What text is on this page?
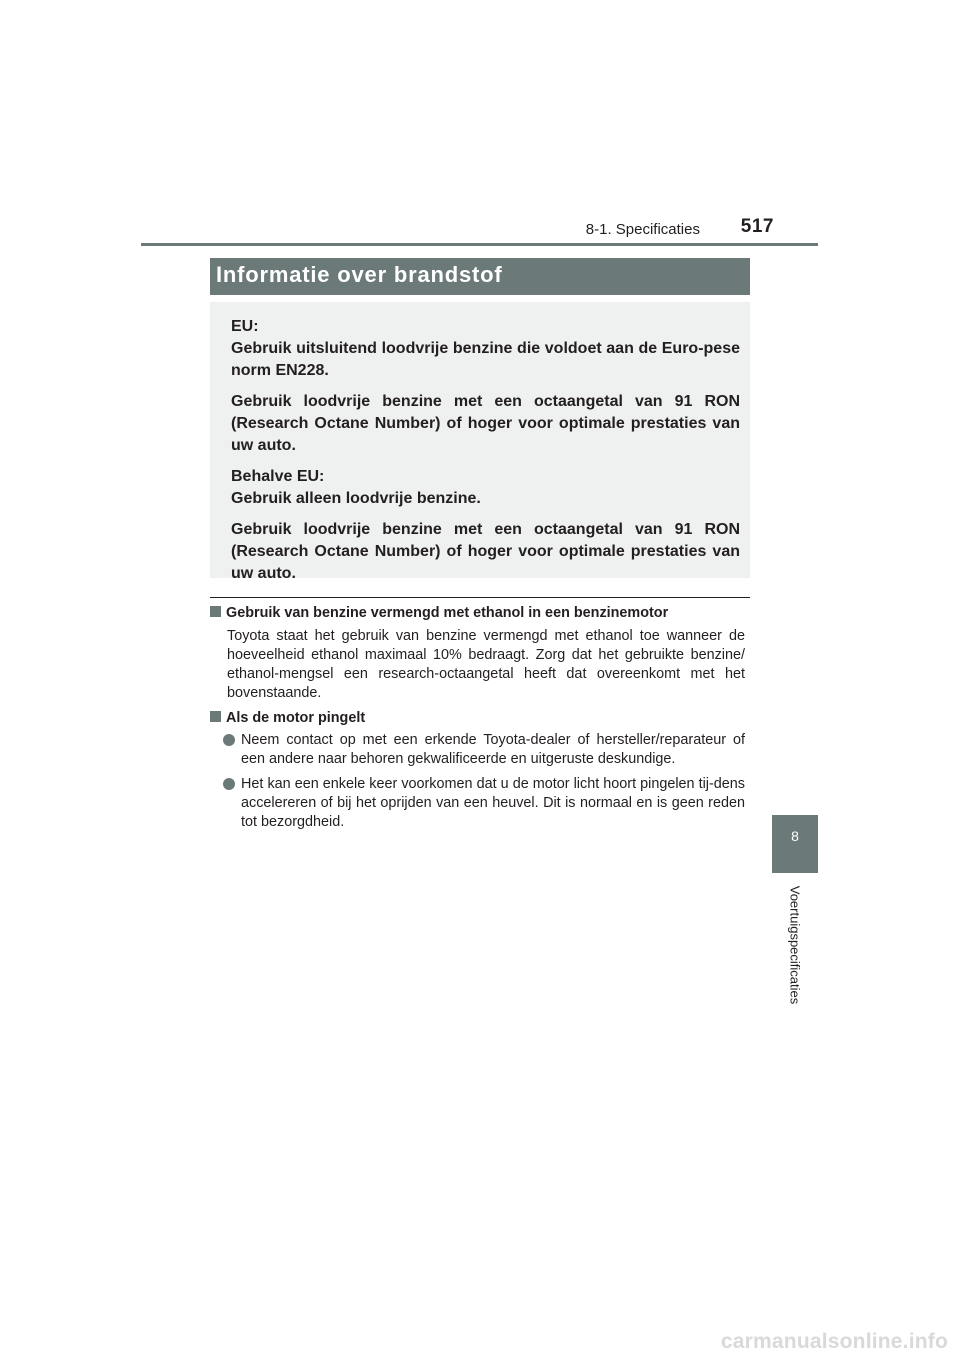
8-1. Specificaties	517
Informatie over brandstof

EU:
Gebruik uitsluitend loodvrije benzine die voldoet aan de Euro-pese norm EN228.

Gebruik loodvrije benzine met een octaangetal van 91 RON (Research Octane Number) of hoger voor optimale prestaties van uw auto.

Behalve EU:
Gebruik alleen loodvrije benzine.

Gebruik loodvrije benzine met een octaangetal van 91 RON (Research Octane Number) of hoger voor optimale prestaties van uw auto.

Gebruik van benzine vermengd met ethanol in een benzinemotor
Toyota staat het gebruik van benzine vermengd met ethanol toe wanneer de hoeveelheid ethanol maximaal 10% bedraagt. Zorg dat het gebruikte benzine/ ethanol-mengsel een research-octaangetal heeft dat overeenkomt met het bovenstaande.
Als de motor pingelt
Neem contact op met een erkende Toyota-dealer of hersteller/reparateur of een andere naar behoren gekwalificeerde en uitgeruste deskundige.
Het kan een enkele keer voorkomen dat u de motor licht hoort pingelen tij-dens accelereren of bij het oprijden van een heuvel. Dit is normaal en is geen reden tot bezorgdheid.
8
Voertuigspecificaties
carmanualsonline.info
